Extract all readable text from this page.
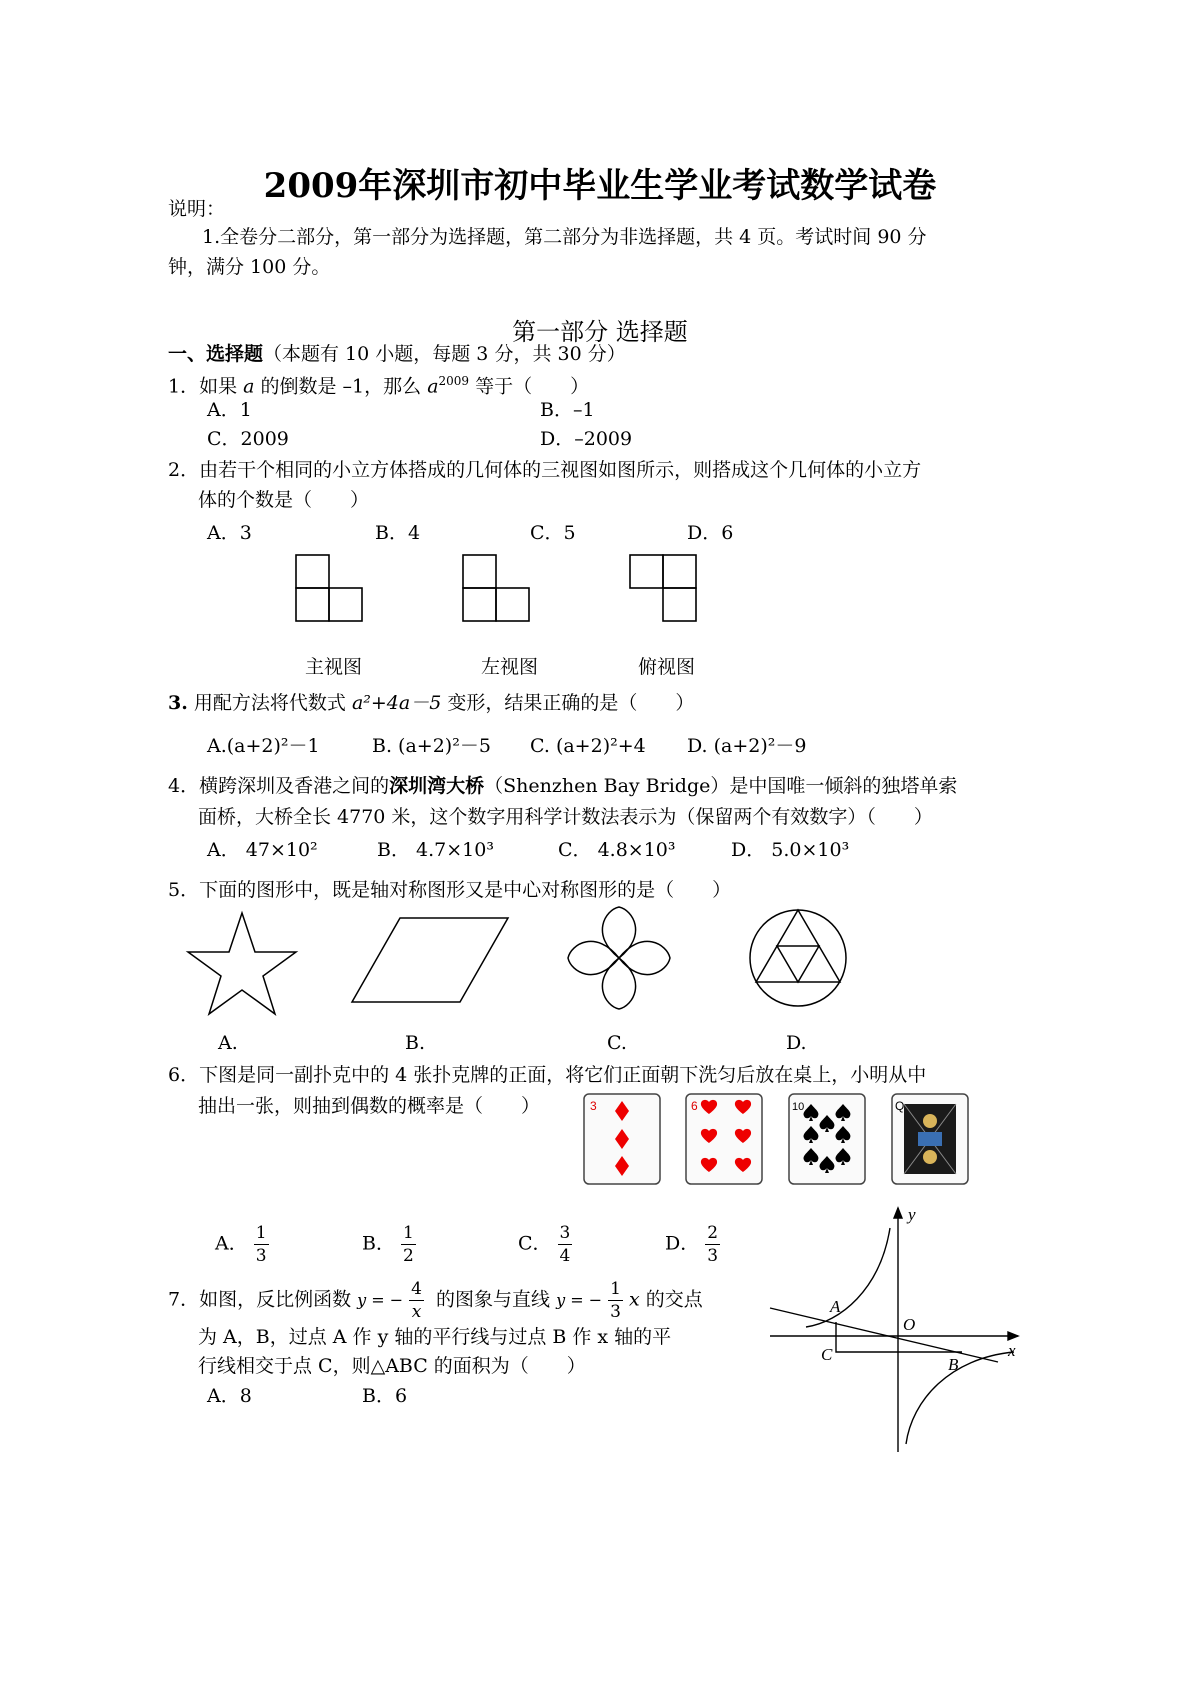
2009年深圳市初中毕业生学业考试数学试卷
说明：
1.全卷分二部分，第一部分为选择题，第二部分为非选择题，共 4 页。考试时间 90 分
钟，满分 100 分。
第一部分 选择题
一、选择题（本题有 10 小题，每题 3 分，共 30 分）
1．如果 a 的倒数是 –1，那么 $a^{2009}$ 等于（　　）
A．1	B．–1
C．2009	D．–2009
2．由若干个相同的小立方体搭成的几何体的三视图如图所示，则搭成这个几何体的小立方
体的个数是（　　）
A．3	B．4	C．5	D．6
主视图	左视图	俯视图
3. 用配方法将代数式 a²+4a－5 变形，结果正确的是（　　）
A.(a+2)²－1	B. (a+2)²－5 C. (a+2)²+4 D. (a+2)²－9
4．横跨深圳及香港之间的深圳湾大桥（Shenzhen Bay Bridge）是中国唯一倾斜的独塔单索
面桥，大桥全长 4770 米，这个数字用科学计数法表示为（保留两个有效数字）（　　）
A． 47×10²	B． 4.7×10³	C． 4.8×10³	D． 5.0×10³
5．下面的图形中，既是轴对称图形又是中心对称图形的是（　　）
A.	B.	C.	D.
6．下图是同一副扑克中的 4 张扑克牌的正面，将它们正面朝下洗匀后放在桌上，小明从中
抽出一张，则抽到偶数的概率是（　　）	3	6	10	Q
A． $\frac{1}{3}$	B． $\frac{1}{2}$	C． $\frac{3}{4}$	D． $\frac{2}{3}$
7．如图，反比例函数 y = − $\frac{4}{x}$ 的图象与直线 y = − $\frac{1}{3}$ x 的交点
为 A，B，过点 A 作 y 轴的平行线与过点 B 作 x 轴的平
行线相交于点 C，则△ABC 的面积为（　　）
A．8	B．6
y
x
O
A
B
C
